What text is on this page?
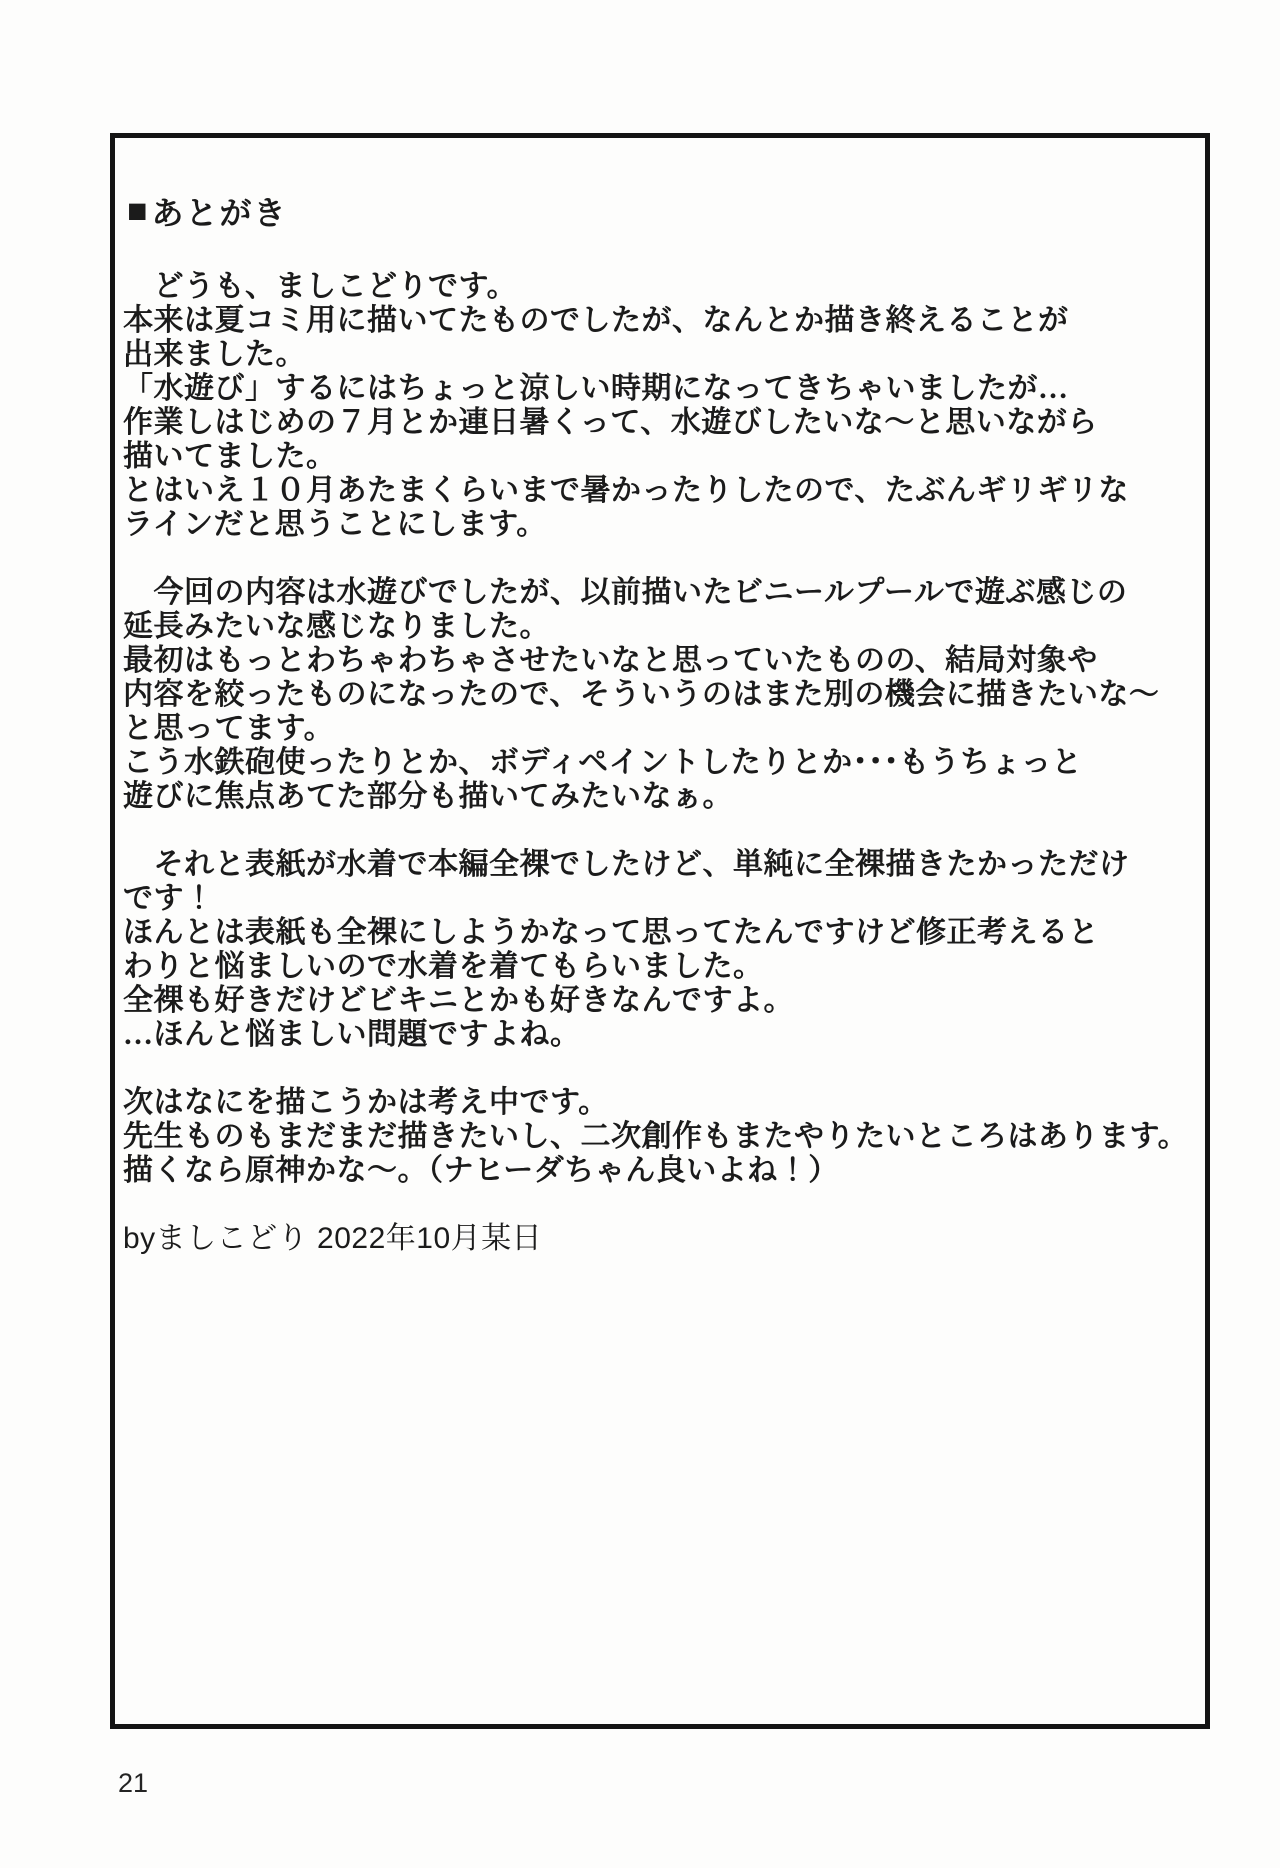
■ あとがき

　どうも、ましこどりです。
本来は夏コミ用に描いてたものでしたが、なんとか描き終えることが
出来ました。
「水遊び」するにはちょっと涼しい時期になってきちゃいましたが…
作業しはじめの７月とか連日暑くって、水遊びしたいな〜と思いながら
描いてました。
とはいえ１０月あたまくらいまで暑かったりしたので、たぶんギリギリな
ラインだと思うことにします。

　今回の内容は水遊びでしたが、以前描いたビニールプールで遊ぶ感じの
延長みたいな感じなりました。
最初はもっとわちゃわちゃさせたいなと思っていたものの、結局対象や
内容を絞ったものになったので、そういうのはまた別の機会に描きたいな〜
と思ってます。
こう水鉄砲使ったりとか、ボディペイントしたりとか･･･もうちょっと
遊びに焦点あてた部分も描いてみたいなぁ。

　それと表紙が水着で本編全裸でしたけど、単純に全裸描きたかっただけ
です！
ほんとは表紙も全裸にしようかなって思ってたんですけど修正考えると
わりと悩ましいので水着を着てもらいました。
全裸も好きだけどビキニとかも好きなんですよ。
…ほんと悩ましい問題ですよね。

次はなにを描こうかは考え中です。
先生ものもまだまだ描きたいし、二次創作もまたやりたいところはあります。
描くなら原神かな〜。（ナヒーダちゃん良いよね！）

byましこどり 2022年10月某日
21
